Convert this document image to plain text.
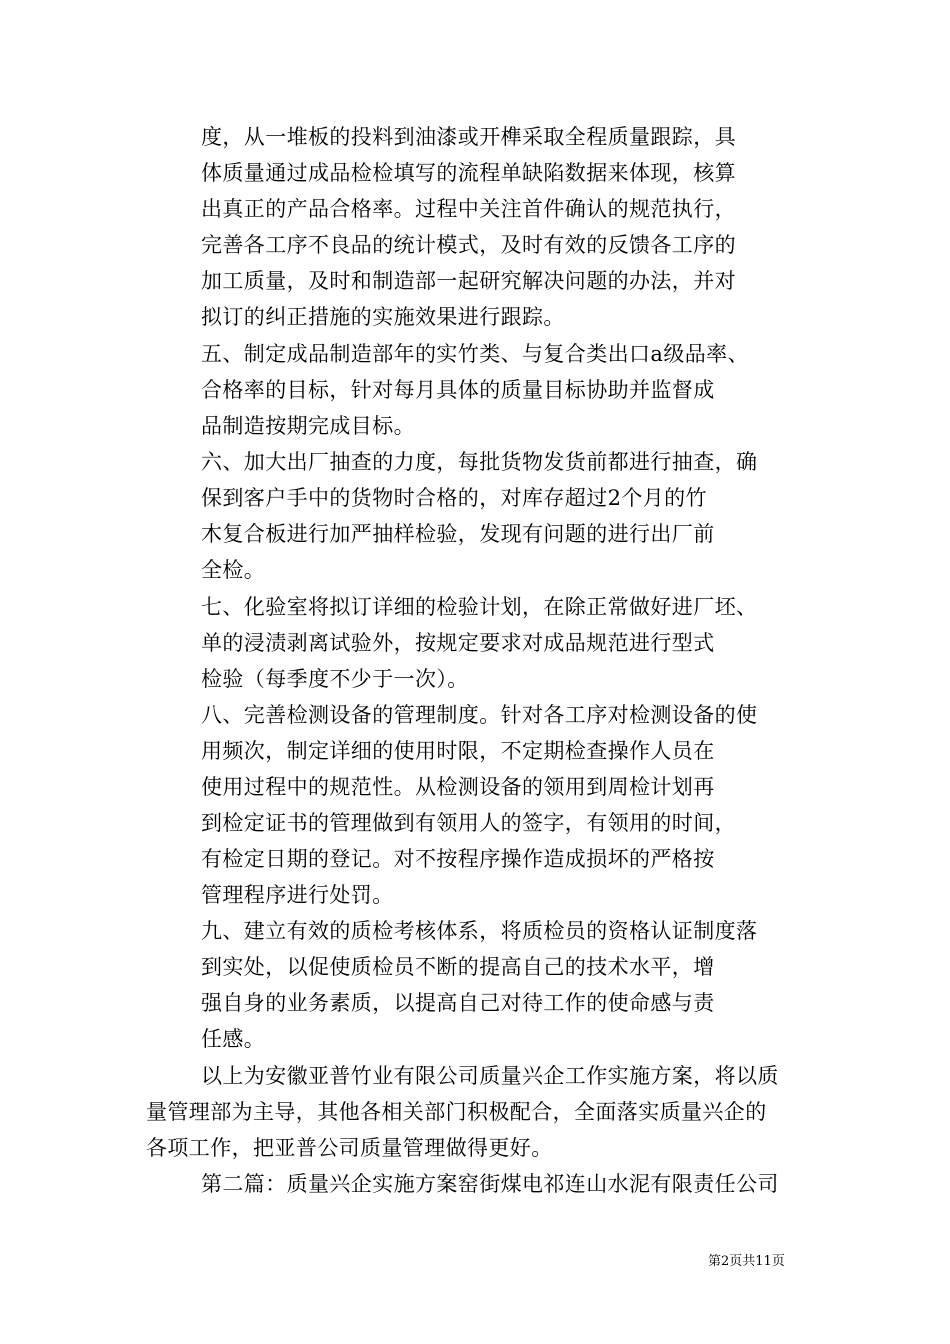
度，从一堆板的投料到油漆或开榫采取全程质量跟踪，具
体质量通过成品检检填写的流程单缺陷数据来体现，核算
出真正的产品合格率。过程中关注首件确认的规范执行，
完善各工序不良品的统计模式，及时有效的反馈各工序的
加工质量，及时和制造部一起研究解决问题的办法，并对
拟订的纠正措施的实施效果进行跟踪。
五、制定成品制造部年的实竹类、与复合类出口a级品率、
合格率的目标，针对每月具体的质量目标协助并监督成
品制造按期完成目标。
六、加大出厂抽查的力度，每批货物发货前都进行抽查，确
保到客户手中的货物时合格的，对库存超过2个月的竹
木复合板进行加严抽样检验，发现有问题的进行出厂前
全检。
七、化验室将拟订详细的检验计划，在除正常做好进厂坯、
单的浸渍剥离试验外，按规定要求对成品规范进行型式
检验（每季度不少于一次）。
八、完善检测设备的管理制度。针对各工序对检测设备的使
用频次，制定详细的使用时限，不定期检查操作人员在
使用过程中的规范性。从检测设备的领用到周检计划再
到检定证书的管理做到有领用人的签字，有领用的时间，
有检定日期的登记。对不按程序操作造成损坏的严格按
管理程序进行处罚。
九、建立有效的质检考核体系，将质检员的资格认证制度落
到实处，以促使质检员不断的提高自己的技术水平，增
强自身的业务素质，以提高自己对待工作的使命感与责
任感。
以上为安徽亚普竹业有限公司质量兴企工作实施方案，将以质
量管理部为主导，其他各相关部门积极配合，全面落实质量兴企的
各项工作，把亚普公司质量管理做得更好。
第二篇：质量兴企实施方案窑街煤电祁连山水泥有限责任公司
第2页共11页
